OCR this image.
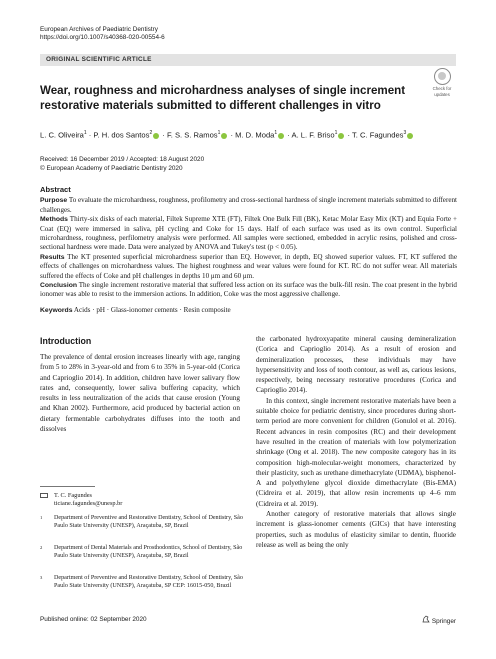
European Archives of Paediatric Dentistry
https://doi.org/10.1007/s40368-020-00554-6
ORIGINAL SCIENTIFIC ARTICLE
Check for
updates
Wear, roughness and microhardness analyses of single increment restorative materials submitted to different challenges in vitro
L. C. Oliveira$^1$ · P. H. dos Santos$^2$ · F. S. S. Ramos$^1$ · M. D. Moda$^1$ · A. L. F. Briso$^1$ · T. C. Fagundes$^3$
Received: 16 December 2019 / Accepted: 18 August 2020
© European Academy of Paediatric Dentistry 2020
Abstract

Purpose To evaluate the microhardness, roughness, profilometry and cross-sectional hardness of single increment materials submitted to different challenges.

Methods Thirty-six disks of each material, Filtek Supreme XTE (FT), Filtek One Bulk Fill (BK), Ketac Molar Easy Mix (KT) and Equia Forte + Coat (EQ) were immersed in saliva, pH cycling and Coke for 15 days. Half of each surface was used as its own control. Superficial microhardness, roughness, perfilometry analysis were performed. All samples were sectioned, embedded in acrylic resins, polished and cross-sectional hardness were made. Data were analyzed by ANOVA and Tukey's test (p < 0.05).

Results The KT presented superficial microhardness superior than EQ. However, in depth, EQ showed superior values. FT, KT suffered the effects of challenges on microhardness values. The highest roughness and wear values were found for KT. RC do not suffer wear. All materials suffered the effects of Coke and pH challenges in depths 10 μm and 60 μm.

Conclusion The single increment restorative material that suffered less action on its surface was the bulk-fill resin. The coat present in the hybrid ionomer was able to resist to the immersion actions. In addition, Coke was the most aggressive challenge.

Keywords Acids · pH · Glass-ionomer cements · Resin composite
Introduction

The prevalence of dental erosion increases linearly with age, ranging from 5 to 28% in 3-year-old and from 6 to 35% in 5-year-old (Corica and Caprioglio 2014). In addition, children have lower salivary flow rates and, consequently, lower saliva buffering capacity, which results in less neutralization of the acids that cause erosion (Young and Khan 2002). Furthermore, acid produced by bacterial action on dietary fermentable carbohydrates diffuses into the tooth and dissolves

the carbonated hydroxyapatite mineral causing demineralization (Corica and Caprioglio 2014). As a result of erosion and demineralization processes, these individuals may have hypersensitivity and loss of tooth contour, as well as, carious lesions, respectively, being necessary restorative procedures (Corica and Caprioglio 2014).

In this context, single increment restorative materials have been a suitable choice for pediatric dentistry, since procedures during short-term period are more convenient for children (Gonulol et al. 2016). Recent advances in resin composites (RC) and their development have resulted in the creation of materials with low polymerization shrinkage (Ong et al. 2018). The new composite category has in its composition high-molecular-weight monomers, characterized by their plasticity, such as urethane dimethacrylate (UDMA), bisphenol-A and polyethylene glycol dioxide dimethacrylate (Bis-EMA) (Cidreira et al. 2019), that allow resin increments up 4–6 mm (Cidreira et al. 2019).

Another category of restorative materials that allows single increment is glass-ionomer cements (GICs) that have interesting properties, such as modulus of elasticity similar to dentin, fluoride release as well as being the only

T. C. Fagundes
ticiane.fagundes@unesp.br
1 Department of Preventive and Restorative Dentistry, School of Dentistry, São Paulo State University (UNESP), Araçatuba, SP, Brazil
2 Department of Dental Materials and Prosthodontics, School of Dentistry, São Paulo State University (UNESP), Araçatuba, SP, Brazil
3 Department of Preventive and Restorative Dentistry, School of Dentistry, São Paulo State University (UNESP), Araçatuba, SP CEP: 16015-050, Brazil
Published online: 02 September 2020	Springer
